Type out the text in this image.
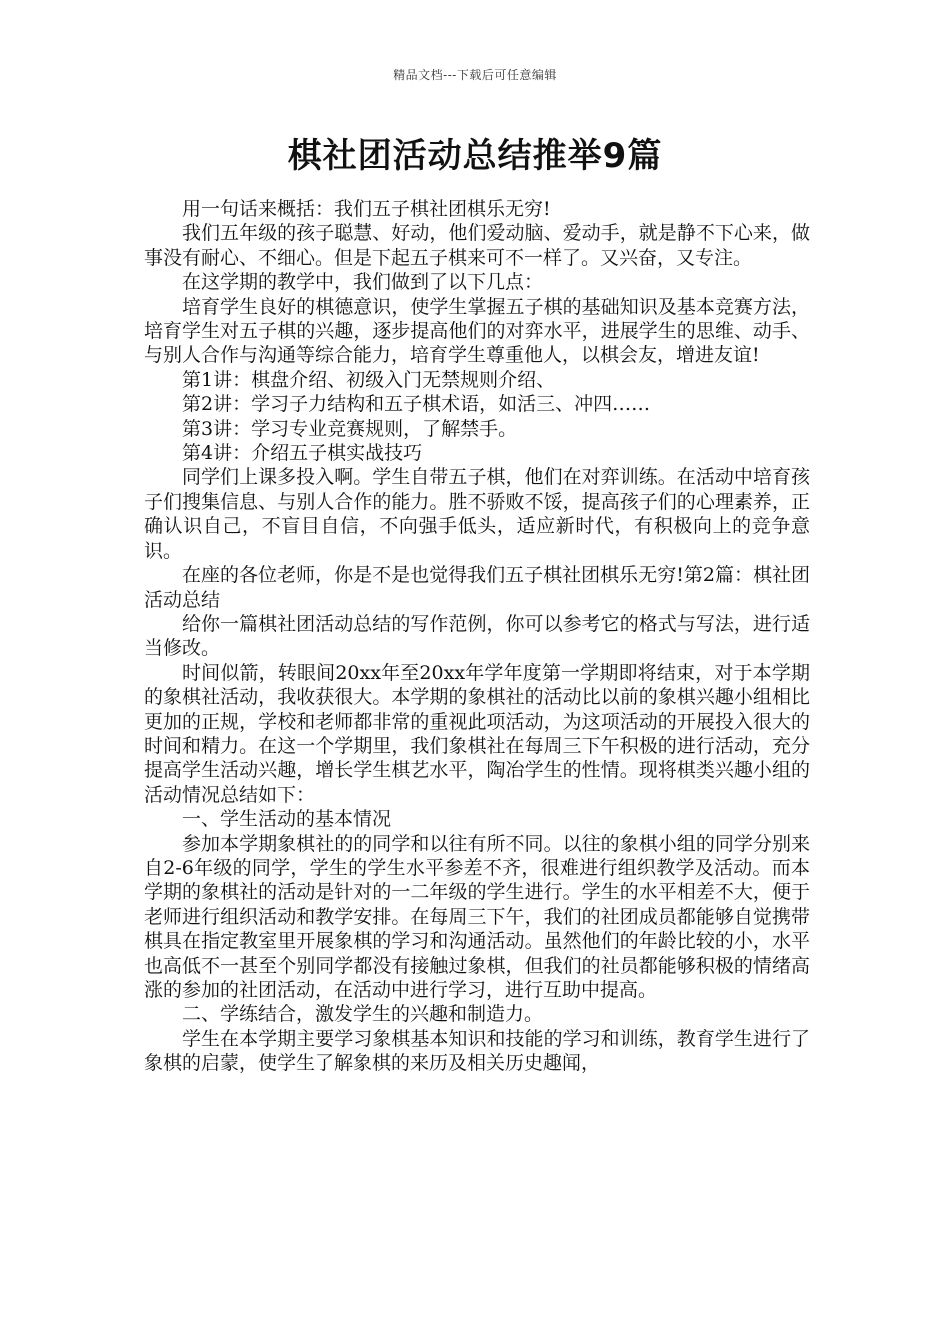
精品文档---下载后可任意编辑
棋社团活动总结推举9篇

用一句话来概括：我们五子棋社团棋乐无穷!

我们五年级的孩子聪慧、好动，他们爱动脑、爱动手，就是静不下心来，做事没有耐心、不细心。但是下起五子棋来可不一样了。又兴奋，又专注。

在这学期的教学中，我们做到了以下几点：

培育学生良好的棋德意识，使学生掌握五子棋的基础知识及基本竞赛方法，培育学生对五子棋的兴趣，逐步提高他们的对弈水平，进展学生的思维、动手、与别人合作与沟通等综合能力，培育学生尊重他人，以棋会友，增进友谊!

第1讲：棋盘介绍、初级入门无禁规则介绍、

第2讲：学习子力结构和五子棋术语，如活三、冲四……

第3讲：学习专业竞赛规则，了解禁手。

第4讲：介绍五子棋实战技巧

同学们上课多投入啊。学生自带五子棋，他们在对弈训练。在活动中培育孩子们搜集信息、与别人合作的能力。胜不骄败不馁，提高孩子们的心理素养，正确认识自己，不盲目自信，不向强手低头，适应新时代，有积极向上的竞争意识。

在座的各位老师，你是不是也觉得我们五子棋社团棋乐无穷!第2篇：棋社团活动总结

给你一篇棋社团活动总结的写作范例，你可以参考它的格式与写法，进行适当修改。

时间似箭，转眼间20xx年至20xx年学年度第一学期即将结束，对于本学期的象棋社活动，我收获很大。本学期的象棋社的活动比以前的象棋兴趣小组相比更加的正规，学校和老师都非常的重视此项活动，为这项活动的开展投入很大的时间和精力。在这一个学期里，我们象棋社在每周三下午积极的进行活动，充分提高学生活动兴趣，增长学生棋艺水平，陶冶学生的性情。现将棋类兴趣小组的活动情况总结如下：

一、学生活动的基本情况

参加本学期象棋社的的同学和以往有所不同。以往的象棋小组的同学分别来自2-6年级的同学，学生的学生水平参差不齐，很难进行组织教学及活动。而本学期的象棋社的活动是针对的一二年级的学生进行。学生的水平相差不大，便于老师进行组织活动和教学安排。在每周三下午，我们的社团成员都能够自觉携带棋具在指定教室里开展象棋的学习和沟通活动。虽然他们的年龄比较的小，水平也高低不一甚至个别同学都没有接触过象棋，但我们的社员都能够积极的情绪高涨的参加的社团活动，在活动中进行学习，进行互助中提高。

二、学练结合，激发学生的兴趣和制造力。

学生在本学期主要学习象棋基本知识和技能的学习和训练，教育学生进行了象棋的启蒙，使学生了解象棋的来历及相关历史趣闻，
